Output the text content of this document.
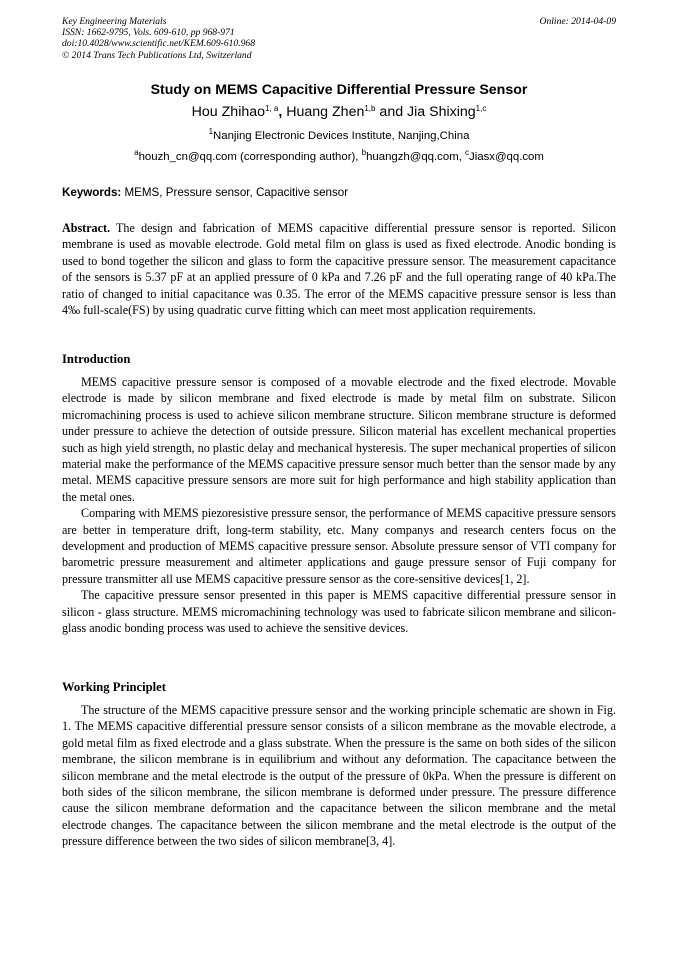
Key Engineering Materials
ISSN: 1662-9795, Vols. 609-610, pp 968-971
doi:10.4028/www.scientific.net/KEM.609-610.968
© 2014 Trans Tech Publications Ltd, Switzerland
Online: 2014-04-09
Study on MEMS Capacitive Differential Pressure Sensor
Hou Zhihao$^{1, a}$, Huang Zhen$^{1,b}$ and Jia Shixing$^{1,c}$
$^1$Nanjing Electronic Devices Institute, Nanjing,China
$^a$houzh_cn@qq.com (corresponding author), $^b$huangzh@qq.com, $^c$Jiasx@qq.com
Keywords: MEMS, Pressure sensor, Capacitive sensor

Abstract. The design and fabrication of MEMS capacitive differential pressure sensor is reported. Silicon membrane is used as movable electrode. Gold metal film on glass is used as fixed electrode. Anodic bonding is used to bond together the silicon and glass to form the capacitive pressure sensor. The measurement capacitance of the sensors is 5.37 pF at an applied pressure of 0 kPa and 7.26 pF and the full operating range of 40 kPa.The ratio of changed to initial capacitance was 0.35. The error of the MEMS capacitive pressure sensor is less than 4‰ full-scale(FS) by using quadratic curve fitting which can meet most application requirements.

Introduction

MEMS capacitive pressure sensor is composed of a movable electrode and the fixed electrode. Movable electrode is made by silicon membrane and fixed electrode is made by metal film on substrate. Silicon micromachining process is used to achieve silicon membrane structure. Silicon membrane structure is deformed under pressure to achieve the detection of outside pressure. Silicon material has excellent mechanical properties such as high yield strength, no plastic delay and mechanical hysteresis. The super mechanical properties of silicon material make the performance of the MEMS capacitive pressure sensor much better than the sensor made by any metal. MEMS capacitive pressure sensors are more suit for high performance and high stability application than the metal ones.

Comparing with MEMS piezoresistive pressure sensor, the performance of MEMS capacitive pressure sensors are better in temperature drift, long-term stability, etc. Many companys and research centers focus on the development and production of MEMS capacitive pressure sensor. Absolute pressure sensor of VTI company for barometric pressure measurement and altimeter applications and gauge pressure sensor of Fuji company for pressure transmitter all use MEMS capacitive pressure sensor as the core-sensitive devices[1, 2].

The capacitive pressure sensor presented in this paper is MEMS capacitive differential pressure sensor in silicon - glass structure. MEMS micromachining technology was used to fabricate silicon membrane and silicon-glass anodic bonding process was used to achieve the sensitive devices.

Working Principlet

The structure of the MEMS capacitive pressure sensor and the working principle schematic are shown in Fig. 1. The MEMS capacitive differential pressure sensor consists of a silicon membrane as the movable electrode, a gold metal film as fixed electrode and a glass substrate. When the pressure is the same on both sides of the silicon membrane, the silicon membrane is in equilibrium and without any deformation. The capacitance between the silicon membrane and the metal electrode is the output of the pressure of 0kPa. When the pressure is different on both sides of the silicon membrane, the silicon membrane is deformed under pressure. The pressure difference cause the silicon membrane deformation and the capacitance between the silicon membrane and the metal electrode changes. The capacitance between the silicon membrane and the metal electrode is the output of the pressure difference between the two sides of silicon membrane[3, 4].
